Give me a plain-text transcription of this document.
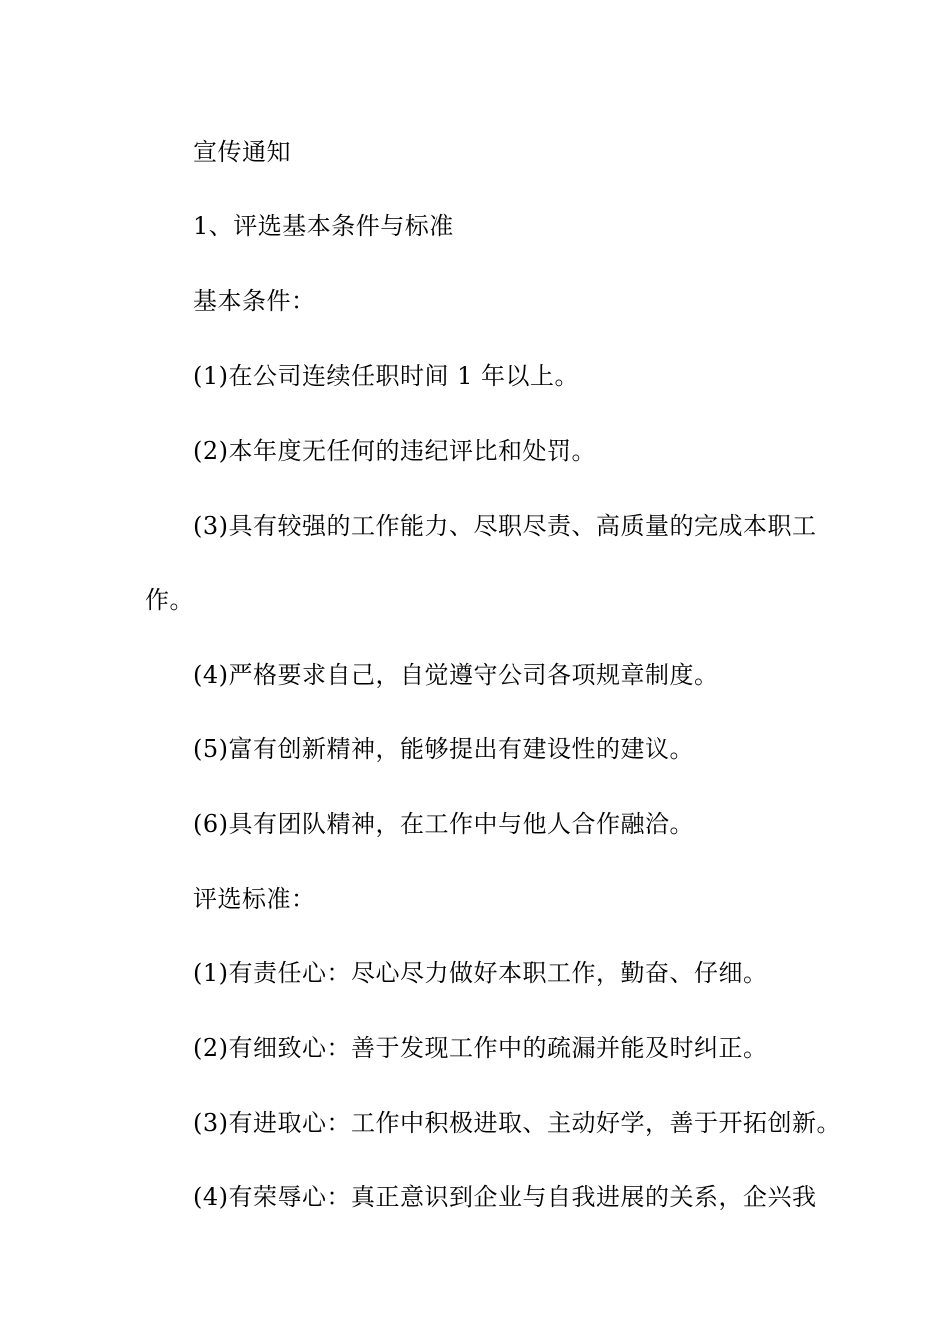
宣传通知
1、评选基本条件与标准
基本条件：
(1)在公司连续任职时间 1 年以上。
(2)本年度无任何的违纪评比和处罚。
(3)具有较强的工作能力、尽职尽责、高质量的完成本职工
作。
(4)严格要求自己，自觉遵守公司各项规章制度。
(5)富有创新精神，能够提出有建设性的建议。
(6)具有团队精神，在工作中与他人合作融洽。
评选标准：
(1)有责任心：尽心尽力做好本职工作，勤奋、仔细。
(2)有细致心：善于发现工作中的疏漏并能及时纠正。
(3)有进取心：工作中积极进取、主动好学，善于开拓创新。
(4)有荣辱心：真正意识到企业与自我进展的关系，企兴我
